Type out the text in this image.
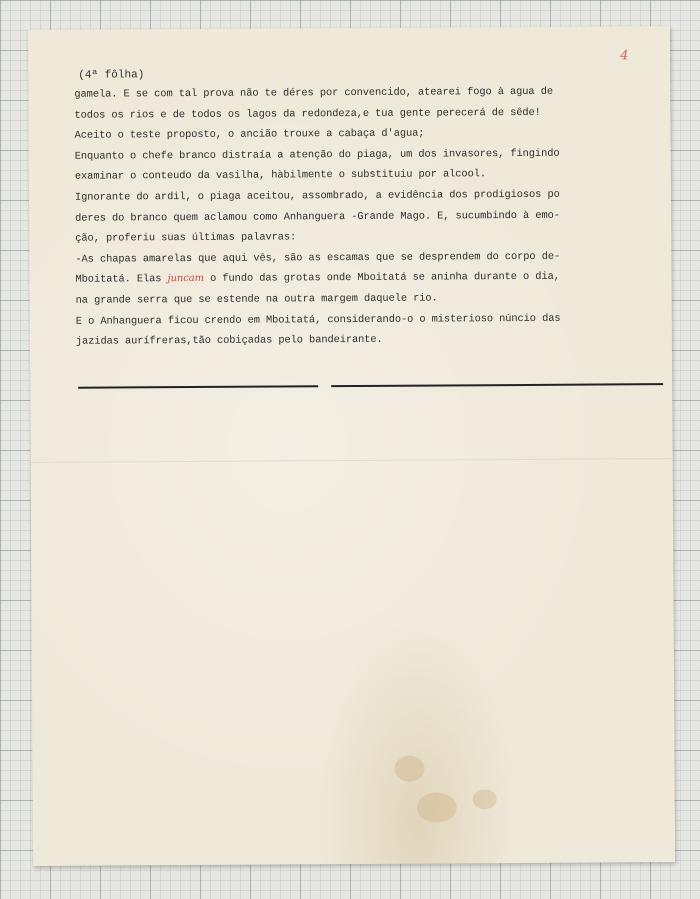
4
(4ª fôlha)
gamela. E se com tal prova não te déres por convencido, atearei fogo à agua de
todos os rios e de todos os lagos da redondeza,e tua gente perecerá de sêde!
Aceito o teste proposto, o ancião trouxe a cabaça d'agua;
Enquanto o chefe branco distraía a atenção do piaga, um dos invasores, fingindo
examinar o conteudo da vasilha, hàbilmente o substituiu por alcool.
Ignorante do ardil, o piaga aceitou, assombrado, a evidência dos prodigiosos po
deres do branco quem aclamou como Anhanguera -Grande Mago. E, sucumbindo à emo-
ção, proferiu suas últimas palavras:
-As chapas amarelas que aqui vês, são as escamas que se desprendem do corpo de-
Mboitatá. Elas juncam o fundo das grotas onde Mboitatá se aninha durante o dia,
na grande serra que se estende na outra margem daquele rio.
E o Anhanguera ficou crendo em Mboitatá, considerando-o o misterioso núncio das
jazidas aurífreras,tão cobiçadas pelo bandeirante.
